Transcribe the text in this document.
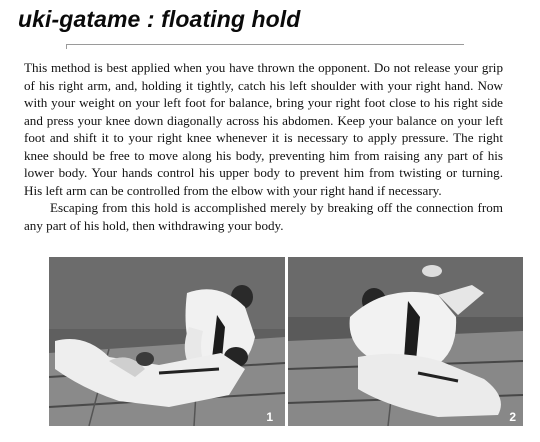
uki-gatame : floating hold

This method is best applied when you have thrown the opponent. Do not release your grip of his right arm, and, holding it tightly, catch his left shoulder with your right hand. Now with your weight on your left foot for balance, bring your right foot close to his right side and press your knee down diagonally across his abdomen. Keep your balance on your left foot and shift it to your right knee whenever it is necessary to apply pressure. The right knee should be free to move along his body, preventing him from raising any part of his lower body. Your hands control his upper body to prevent him from twisting or turning. His left arm can be controlled from the elbow with your right hand if necessary.

Escaping from this hold is accomplished merely by breaking off the connection from any part of his hold, then withdrawing your body.

1	2
